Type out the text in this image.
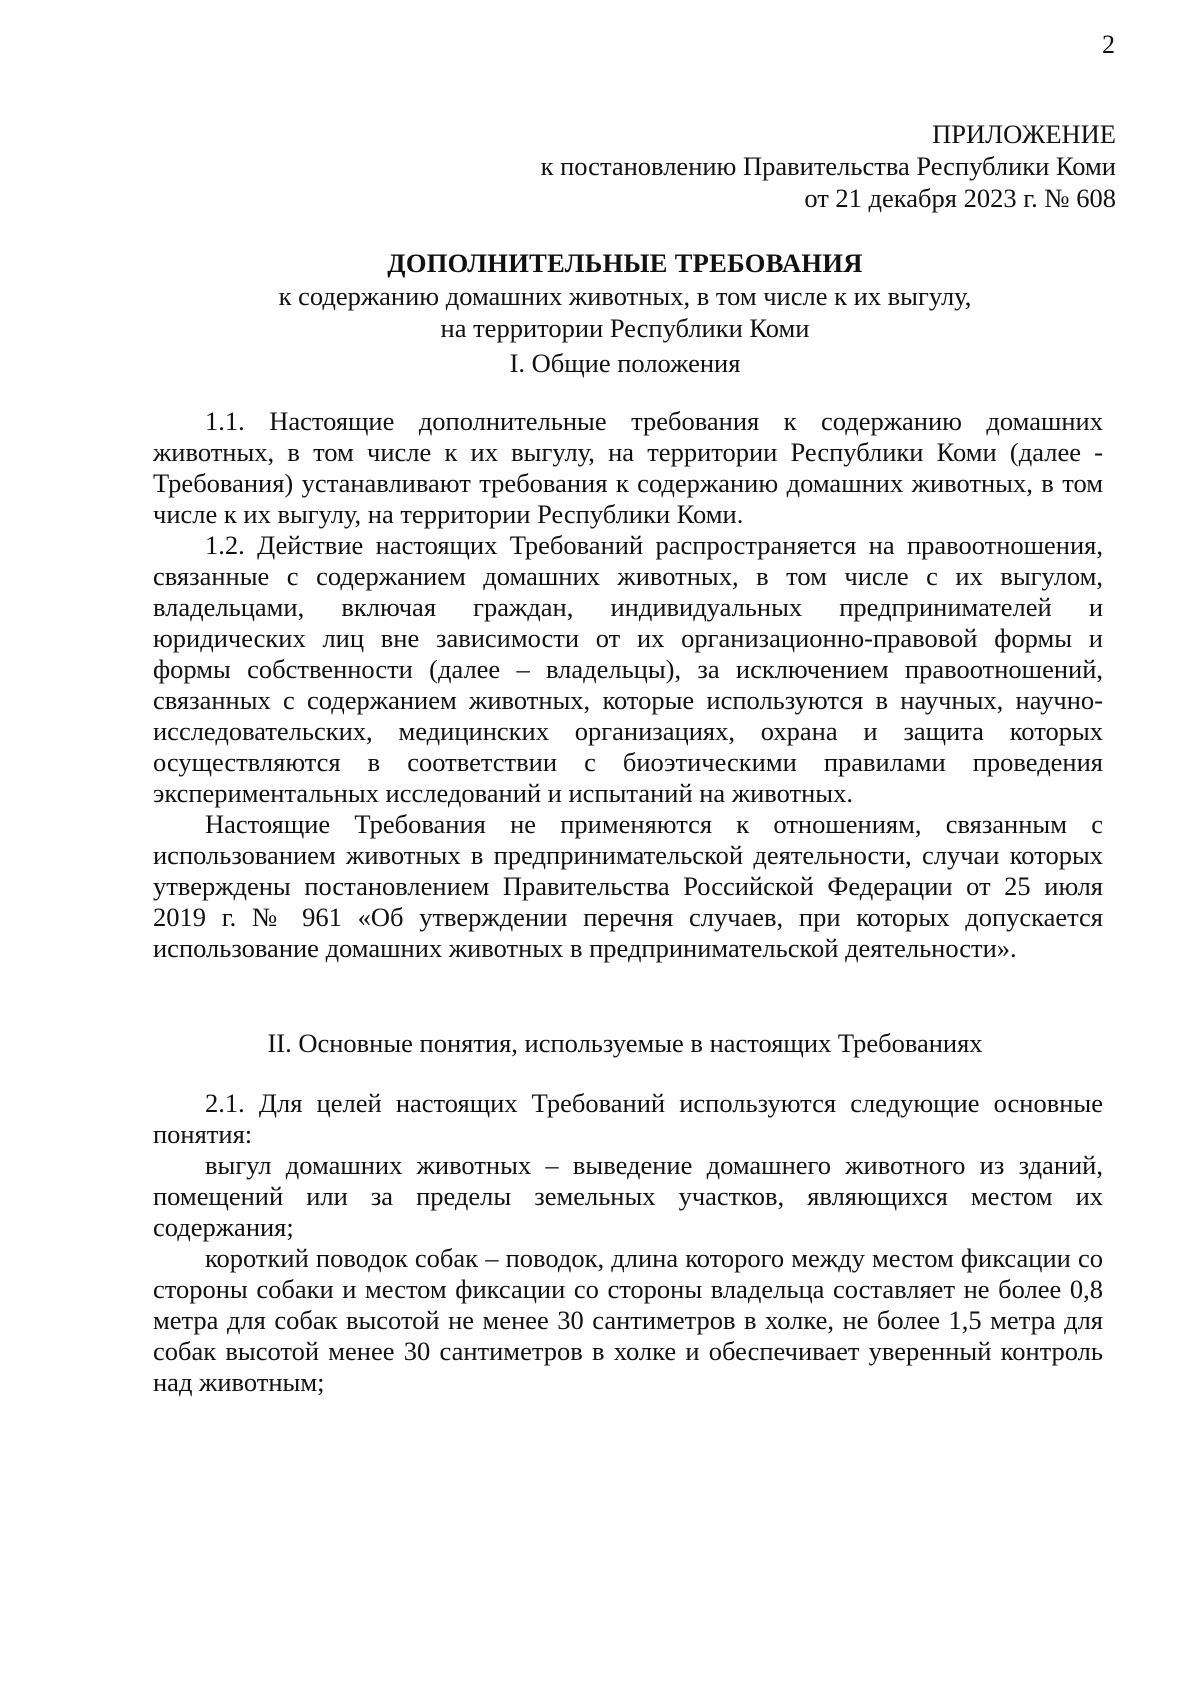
2
ПРИЛОЖЕНИЕ
к постановлению Правительства Республики Коми
от 21 декабря 2023 г. № 608
ДОПОЛНИТЕЛЬНЫЕ ТРЕБОВАНИЯ
к содержанию домашних животных, в том числе к их выгулу,
на территории Республики Коми
I. Общие положения

1.1. Настоящие дополнительные требования к содержанию домашних животных, в том числе к их выгулу, на территории Республики Коми (далее - Требования) устанавливают требования к содержанию домашних животных, в том числе к их выгулу, на территории Республики Коми.

1.2. Действие настоящих Требований распространяется на правоотношения, связанные с содержанием домашних животных, в том числе с их выгулом, владельцами, включая граждан, индивидуальных предпринимателей и юридических лиц вне зависимости от их организационно-правовой формы и формы собственности (далее – владельцы), за исключением правоотношений, связанных с содержанием животных, которые используются в научных, научно-исследовательских, медицинских организациях, охрана и защита которых осуществляются в соответствии с биоэтическими правилами проведения экспериментальных исследований и испытаний на животных.

Настоящие Требования не применяются к отношениям, связанным с использованием животных в предпринимательской деятельности, случаи которых утверждены постановлением Правительства Российской Федерации от 25 июля 2019 г. № 961 «Об утверждении перечня случаев, при которых допускается использование домашних животных в предпринимательской деятельности».

II. Основные понятия, используемые в настоящих Требованиях

2.1. Для целей настоящих Требований используются следующие основные понятия:

выгул домашних животных – выведение домашнего животного из зданий, помещений или за пределы земельных участков, являющихся местом их содержания;

короткий поводок собак – поводок, длина которого между местом фиксации со стороны собаки и местом фиксации со стороны владельца составляет не более 0,8 метра для собак высотой не менее 30 сантиметров в холке, не более 1,5 метра для собак высотой менее 30 сантиметров в холке и обеспечивает уверенный контроль над животным;
